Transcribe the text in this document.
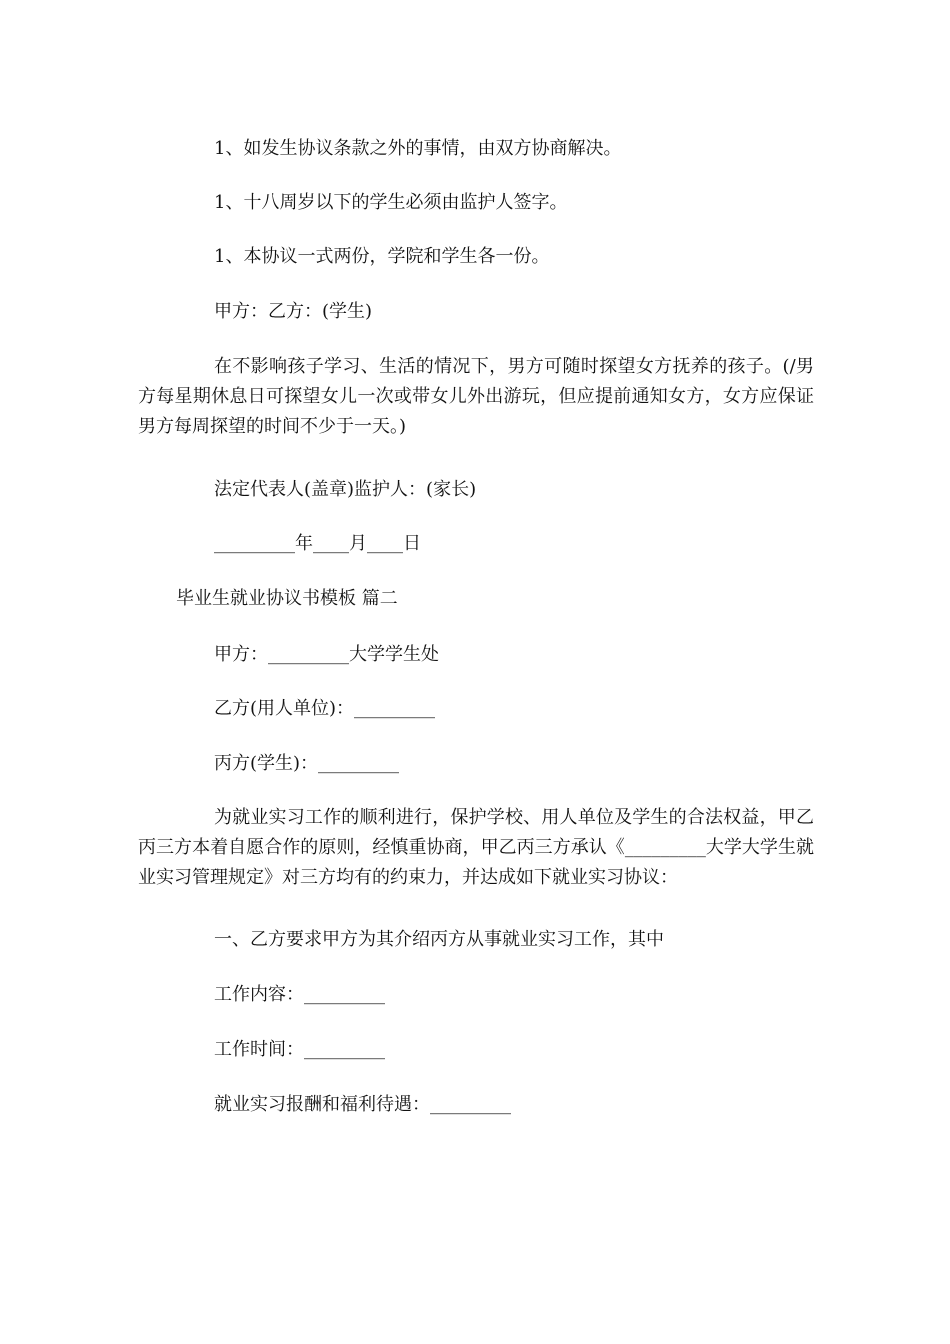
1、如发生协议条款之外的事情，由双方协商解决。

1、十八周岁以下的学生必须由监护人签字。

1、本协议一式两份，学院和学生各一份。

甲方：乙方：(学生)

在不影响孩子学习、生活的情况下，男方可随时探望女方抚养的孩子。(/男方每星期休息日可探望女儿一次或带女儿外出游玩，但应提前通知女方，女方应保证男方每周探望的时间不少于一天。)

法定代表人(盖章)监护人：(家长)

_________年____月____日

毕业生就业协议书模板 篇二

甲方：_________大学学生处

乙方(用人单位)：_________

丙方(学生)：_________

为就业实习工作的顺利进行，保护学校、用人单位及学生的合法权益，甲乙丙三方本着自愿合作的原则，经慎重协商，甲乙丙三方承认《_________大学大学生就业实习管理规定》对三方均有的约束力，并达成如下就业实习协议：

一、乙方要求甲方为其介绍丙方从事就业实习工作，其中

工作内容：_________

工作时间：_________

就业实习报酬和福利待遇：_________
